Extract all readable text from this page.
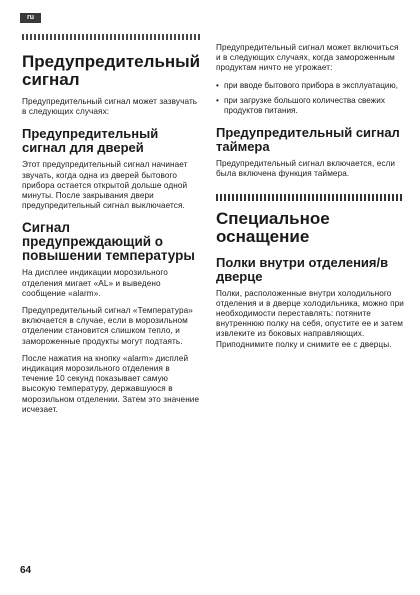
ru
Предупредительный сигнал

Предупредительный сигнал может зазвучать в следующих случаях:

Предупредительный сигнал для дверей

Этот предупредительный сигнал начинает звучать, когда одна из дверей бытового прибора остается открытой дольше одной минуты. После закрывания двери предупредительный сигнал выключается.

Сигнал предупреждающий о повышении температуры

На дисплее индикации морозильного отделения мигает «AL» и выведено сообщение «alarm».

Предупредительный сигнал «Температура» включается в случае, если в морозильном отделении становится слишком тепло, и замороженные продукты могут подтаять.

После нажатия на кнопку «alarm» дисплей индикация морозильного отделения в течение 10 секунд показывает самую высокую температуру, державшуюся в морозильном отделении. Затем это значение исчезает.

Предупредительный сигнал может включиться и в следующих случаях, когда замороженным продуктам ничто не угрожает:

• при вводе бытового прибора в эксплуатацию,
• при загрузке большого количества свежих продуктов питания.
Предупредительный сигнал таймера

Предупредительный сигнал включается, если была включена функция таймера.

Специальное оснащение
Полки внутри отделения/в дверце

Полки, расположенные внутри холодильного отделения и в дверце холодильника, можно при необходимости переставлять: потяните внутреннюю полку на себя, опустите ее и затем извлеките из боковых направляющих. Приподнимите полку и снимите ее с дверцы.

64
